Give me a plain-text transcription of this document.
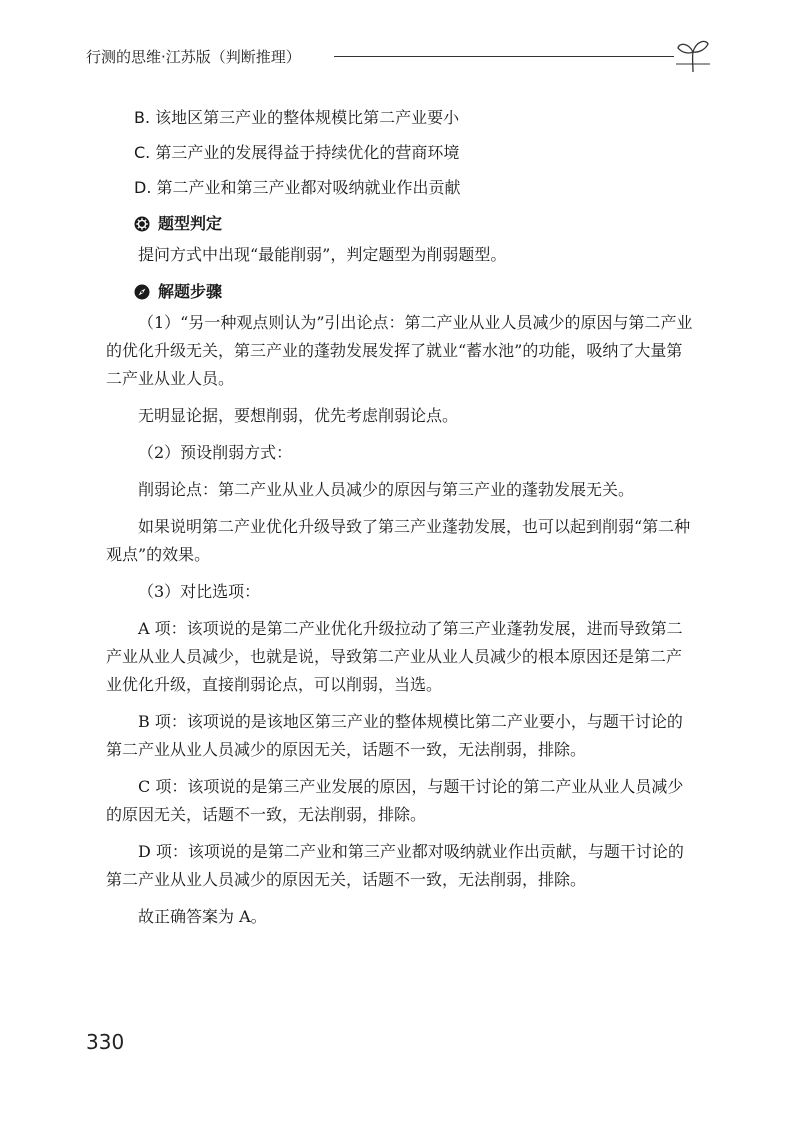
行测的思维·江苏版（判断推理）
B. 该地区第三产业的整体规模比第二产业要小
C. 第三产业的发展得益于持续优化的营商环境
D. 第二产业和第三产业都对吸纳就业作出贡献
题型判定

提问方式中出现“最能削弱”，判定题型为削弱题型。

解题步骤

（1）“另一种观点则认为”引出论点：第二产业从业人员减少的原因与第二产业的优化升级无关，第三产业的蓬勃发展发挥了就业“蓄水池”的功能，吸纳了大量第二产业从业人员。

无明显论据，要想削弱，优先考虑削弱论点。

（2）预设削弱方式：

削弱论点：第二产业从业人员减少的原因与第三产业的蓬勃发展无关。

如果说明第二产业优化升级导致了第三产业蓬勃发展，也可以起到削弱“第二种观点”的效果。

（3）对比选项：

A 项：该项说的是第二产业优化升级拉动了第三产业蓬勃发展，进而导致第二产业从业人员减少，也就是说，导致第二产业从业人员减少的根本原因还是第二产业优化升级，直接削弱论点，可以削弱，当选。

B 项：该项说的是该地区第三产业的整体规模比第二产业要小，与题干讨论的第二产业从业人员减少的原因无关，话题不一致，无法削弱，排除。

C 项：该项说的是第三产业发展的原因，与题干讨论的第二产业从业人员减少的原因无关，话题不一致，无法削弱，排除。

D 项：该项说的是第二产业和第三产业都对吸纳就业作出贡献，与题干讨论的第二产业从业人员减少的原因无关，话题不一致，无法削弱，排除。

故正确答案为 A。

330
